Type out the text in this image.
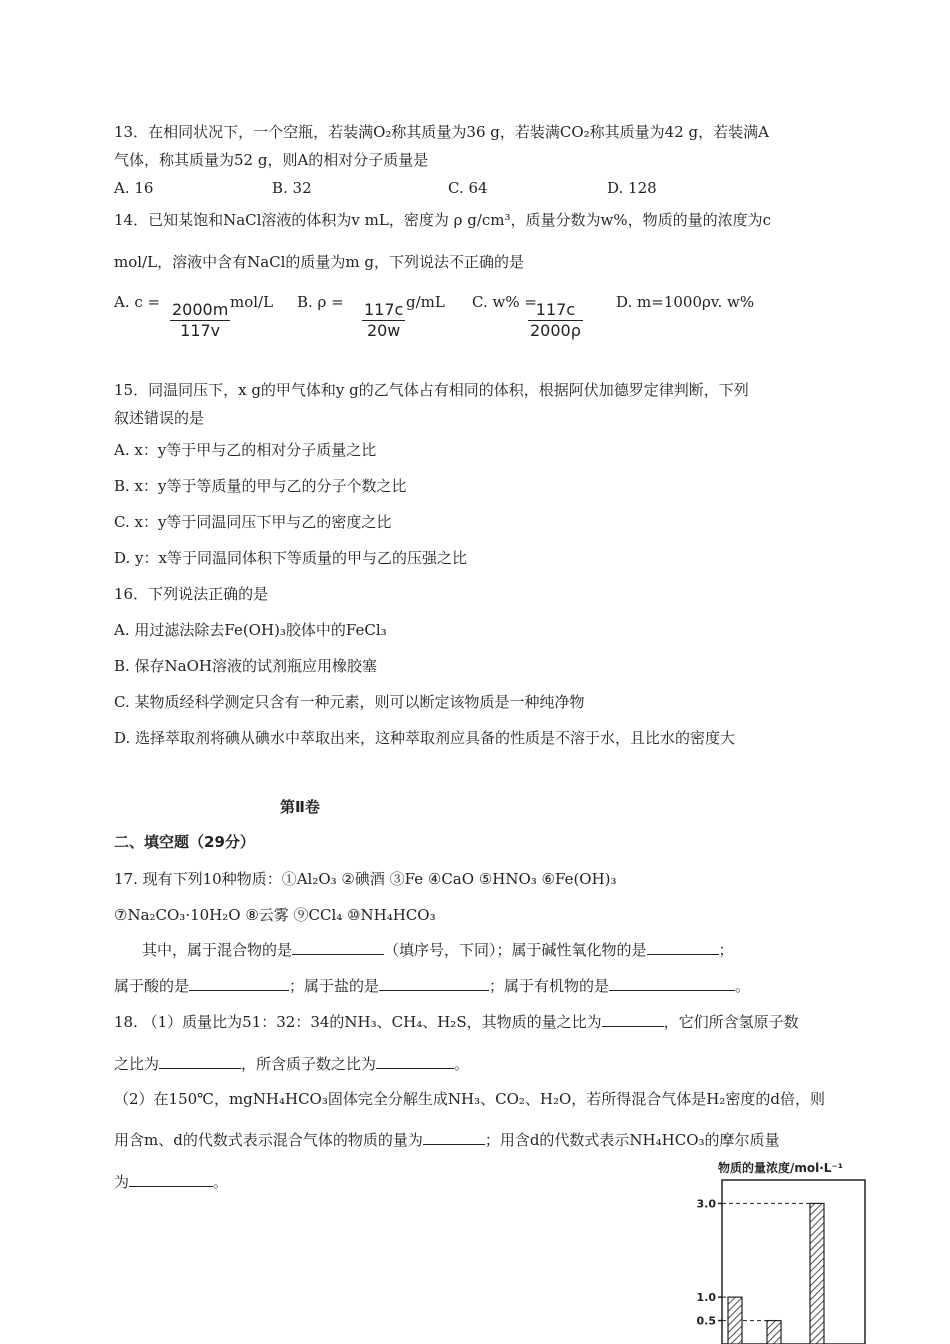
13．在相同状况下，一个空瓶，若装满O₂称其质量为36 g，若装满CO₂称其质量为42 g，若装满A
气体，称其质量为52 g，则A的相对分子质量是
A. 16	B. 32	C. 64	D. 128
14．已知某饱和NaCl溶液的体积为v mL，密度为 ρ g/cm³，质量分数为w%，物质的量的浓度为c
mol/L，溶液中含有NaCl的质量为m g，下列说法不正确的是
A. $c = \frac{2000m}{117v} mol/L$ B. $\rho = \frac{117c}{20w} g/mL$ C. w% =
$\frac{117c}{2000\rho} D$. m=1000ρv. w%
15．同温同压下，x g的甲气体和y g的乙气体占有相同的体积，根据阿伏加德罗定律判断，下列
叙述错误的是
A. x：y等于甲与乙的相对分子质量之比
B. x：y等于等质量的甲与乙的分子个数之比
C. x：y等于同温同压下甲与乙的密度之比
D. y：x等于同温同体积下等质量的甲与乙的压强之比
16．下列说法正确的是
A. 用过滤法除去Fe(OH)₃胶体中的FeCl₃
B. 保存NaOH溶液的试剂瓶应用橡胶塞
C. 某物质经科学测定只含有一种元素，则可以断定该物质是一种纯净物
D. 选择萃取剂将碘从碘水中萃取出来，这种萃取剂应具备的性质是不溶于水，且比水的密度大
第Ⅱ卷
二、填空题（29分）
17. 现有下列10种物质：①Al₂O₃ ②碘酒 ③Fe ④CaO ⑤HNO₃ ⑥Fe(OH)₃
⑦Na₂CO₃·10H₂O ⑧云雾 ⑨CCl₄ ⑩NH₄HCO₃
其中，属于混合物的是	（填序号，下同）；属于碱性氧化物的是	；
属于酸的是	；属于盐的是	；属于有机物的是	。
18. （1）质量比为51：32：34的NH₃、CH₄、H₂S，其物质的量之比为	，它们所含氢原子数
之比为	，所含质子数之比为	。
（2）在150℃，mgNH₄HCO₃固体完全分解生成NH₃、CO₂、H₂O，若所得混合气体是H₂密度的d倍，则
用含m、d的代数式表示混合气体的物质的量为	；用含d的代数式表示NH₄HCO₃的摩尔质量
为	。
物质的量浓度/mol·L⁻¹
3.0
1.0
0.5
